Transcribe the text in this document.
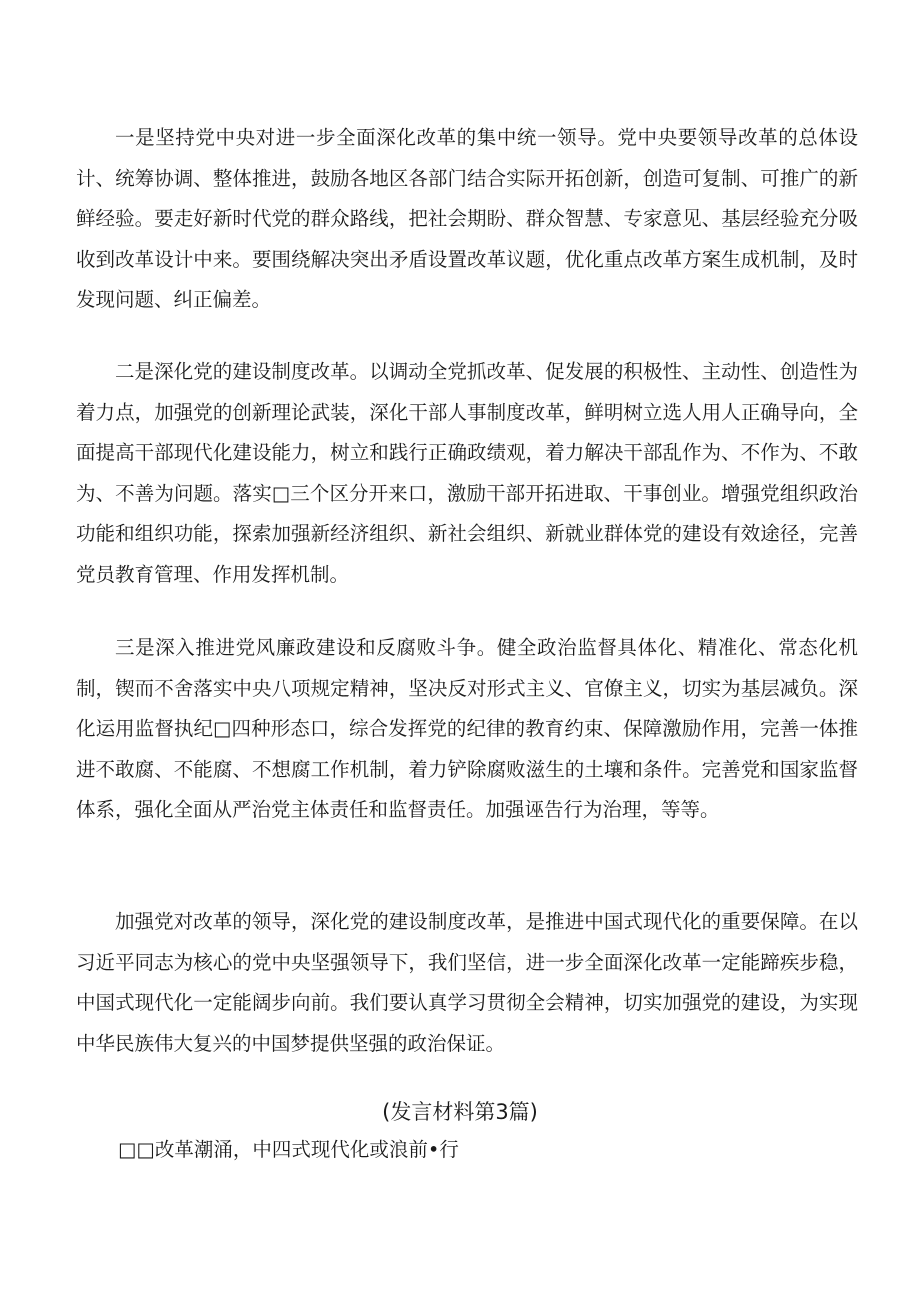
一是坚持党中央对进一步全面深化改革的集中统一领导。党中央要领导改革的总体设计、统筹协调、整体推进，鼓励各地区各部门结合实际开拓创新，创造可复制、可推广的新鲜经验。要走好新时代党的群众路线，把社会期盼、群众智慧、专家意见、基层经验充分吸收到改革设计中来。要围绕解决突出矛盾设置改革议题，优化重点改革方案生成机制，及时发现问题、纠正偏差。

二是深化党的建设制度改革。以调动全党抓改革、促发展的积极性、主动性、创造性为着力点，加强党的创新理论武装，深化干部人事制度改革，鲜明树立选人用人正确导向，全面提高干部现代化建设能力，树立和践行正确政绩观，着力解决干部乱作为、不作为、不敢为、不善为问题。落实□三个区分开来口，激励干部开拓进取、干事创业。增强党组织政治功能和组织功能，探索加强新经济组织、新社会组织、新就业群体党的建设有效途径，完善党员教育管理、作用发挥机制。

三是深入推进党风廉政建设和反腐败斗争。健全政治监督具体化、精准化、常态化机制，锲而不舍落实中央八项规定精神，坚决反对形式主义、官僚主义，切实为基层减负。深化运用监督执纪□四种形态口，综合发挥党的纪律的教育约束、保障激励作用，完善一体推进不敢腐、不能腐、不想腐工作机制，着力铲除腐败滋生的土壤和条件。完善党和国家监督体系，强化全面从严治党主体责任和监督责任。加强诬告行为治理，等等。

加强党对改革的领导，深化党的建设制度改革，是推进中国式现代化的重要保障。在以习近平同志为核心的党中央坚强领导下，我们坚信，进一步全面深化改革一定能蹄疾步稳，中国式现代化一定能阔步向前。我们要认真学习贯彻全会精神，切实加强党的建设，为实现中华民族伟大复兴的中国梦提供坚强的政治保证。

(发言材料第3篇)

□□改革潮涌，中四式现代化或浪前•行
